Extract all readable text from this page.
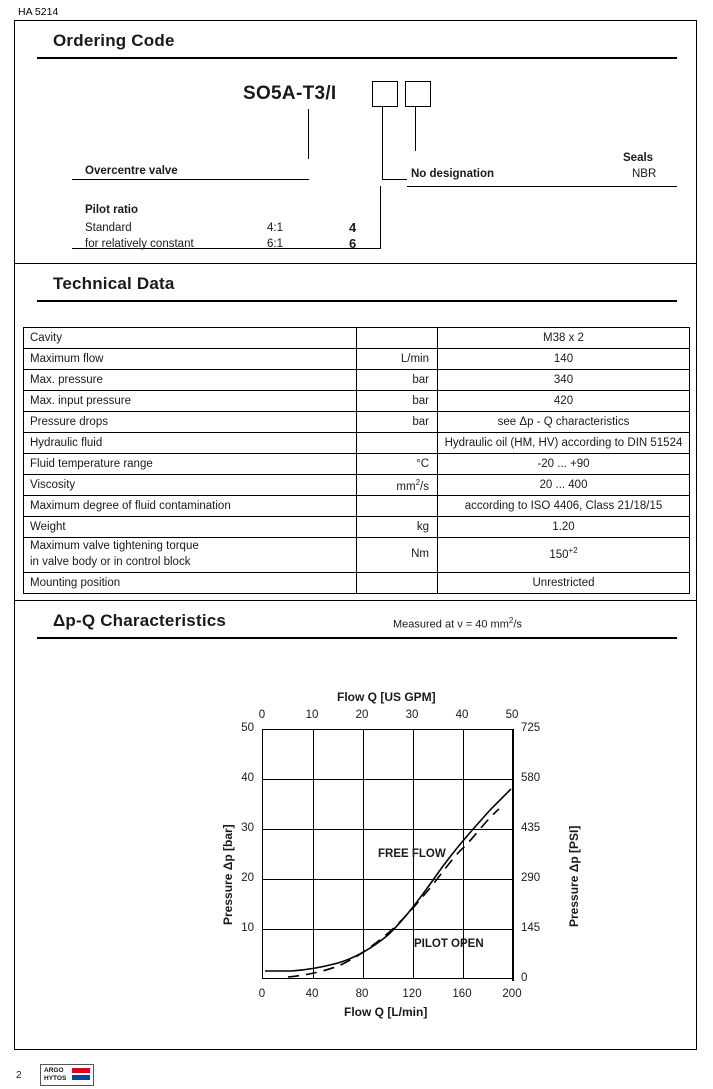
HA 5214
Ordering Code
SO5A-T3/I
Overcentre valve	No designation
Seals
NBR
Pilot ratio
Standard	4:1	4
for relatively constant	6:1	6
Technical Data
Cavity		M38 x 2
Maximum flow	L/min	140
Max. pressure	bar	340
Max. input pressure	bar	420
Pressure drops	bar	see Δp - Q characteristics
Hydraulic fluid		Hydraulic oil (HM, HV) according to DIN 51524
Fluid temperature range	°C	-20 ... +90
Viscosity	$mm^2/s$	20 ... 400
Maximum degree of fluid contamination		according to ISO 4406, Class 21/18/15
Weight	kg	1.20
Maximum valve tightening torque
in valve body or in control block	Nm	$150^{+2}$
Mounting position		Unrestricted
Δp-Q Characteristics	Measured at ν = 40 $mm^2/s$
Flow Q [US GPM]
0	10	20	30	40	50
50
40
30
20
10
725
580
435
290
145
0
0	40	80	120	160	200
Flow Q [L/min]
Pressure Δp [bar]	Pressure Δp [PSI]
FREE FLOW
PILOT OPEN
2	ARGO
HYTOS
